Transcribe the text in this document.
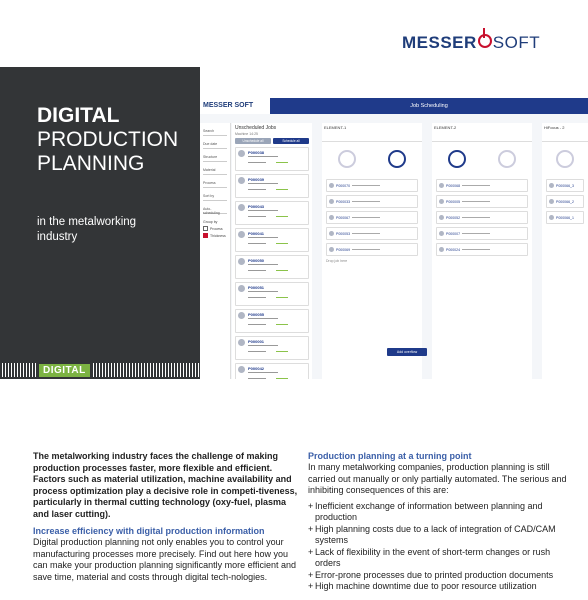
MESSER SOFT
DIGITAL
PRODUCTION
PLANNING
in the metalworking industry
DIGITAL
MESSER SOFT	Job Scheduling
Search
Due date
Structure
Material
Process
Sort by
Auto-scheduling
Group by
Process
Thickness
Unscheduled Jobs
Machine 14:25
Unschedule all	Schedule all
P000038
P000039
P000043
P000041
P000050
P000051
P000055
P000001
P000042
ELEMENT-1
P000070
P000033
P000067
P000053
P000069
Drop job here
ELEMENT-2
P000068
P000005
P000052
P000007
P000024
HiFocus - 2
P000066_3
P000066_2
P000066_1
Add overflow

The metalworking industry faces the challenge of making production processes faster, more flexible and efficient. Factors such as material utilization, machine availability and process optimization play a decisive role in competi-tiveness, particularly in thermal cutting technology (oxy-fuel, plasma and laser cutting).

Increase efficiency with digital production information

Digital production planning not only enables you to control your manufacturing processes more precisely. Find out here how you can make your production planning significantly more efficient and save time, material and costs through digital tech-nologies.

Production planning at a turning point

In many metalworking companies, production planning is still carried out manually or only partially automated. The serious and inhibiting consequences of this are:

+ Inefficient exchange of information between planning and production
+ High planning costs due to a lack of integration of CAD/CAM systems
+ Lack of flexibility in the event of short-term changes or rush orders
+ Error-prone processes due to printed production documents
+ High machine downtime due to poor resource utilization
